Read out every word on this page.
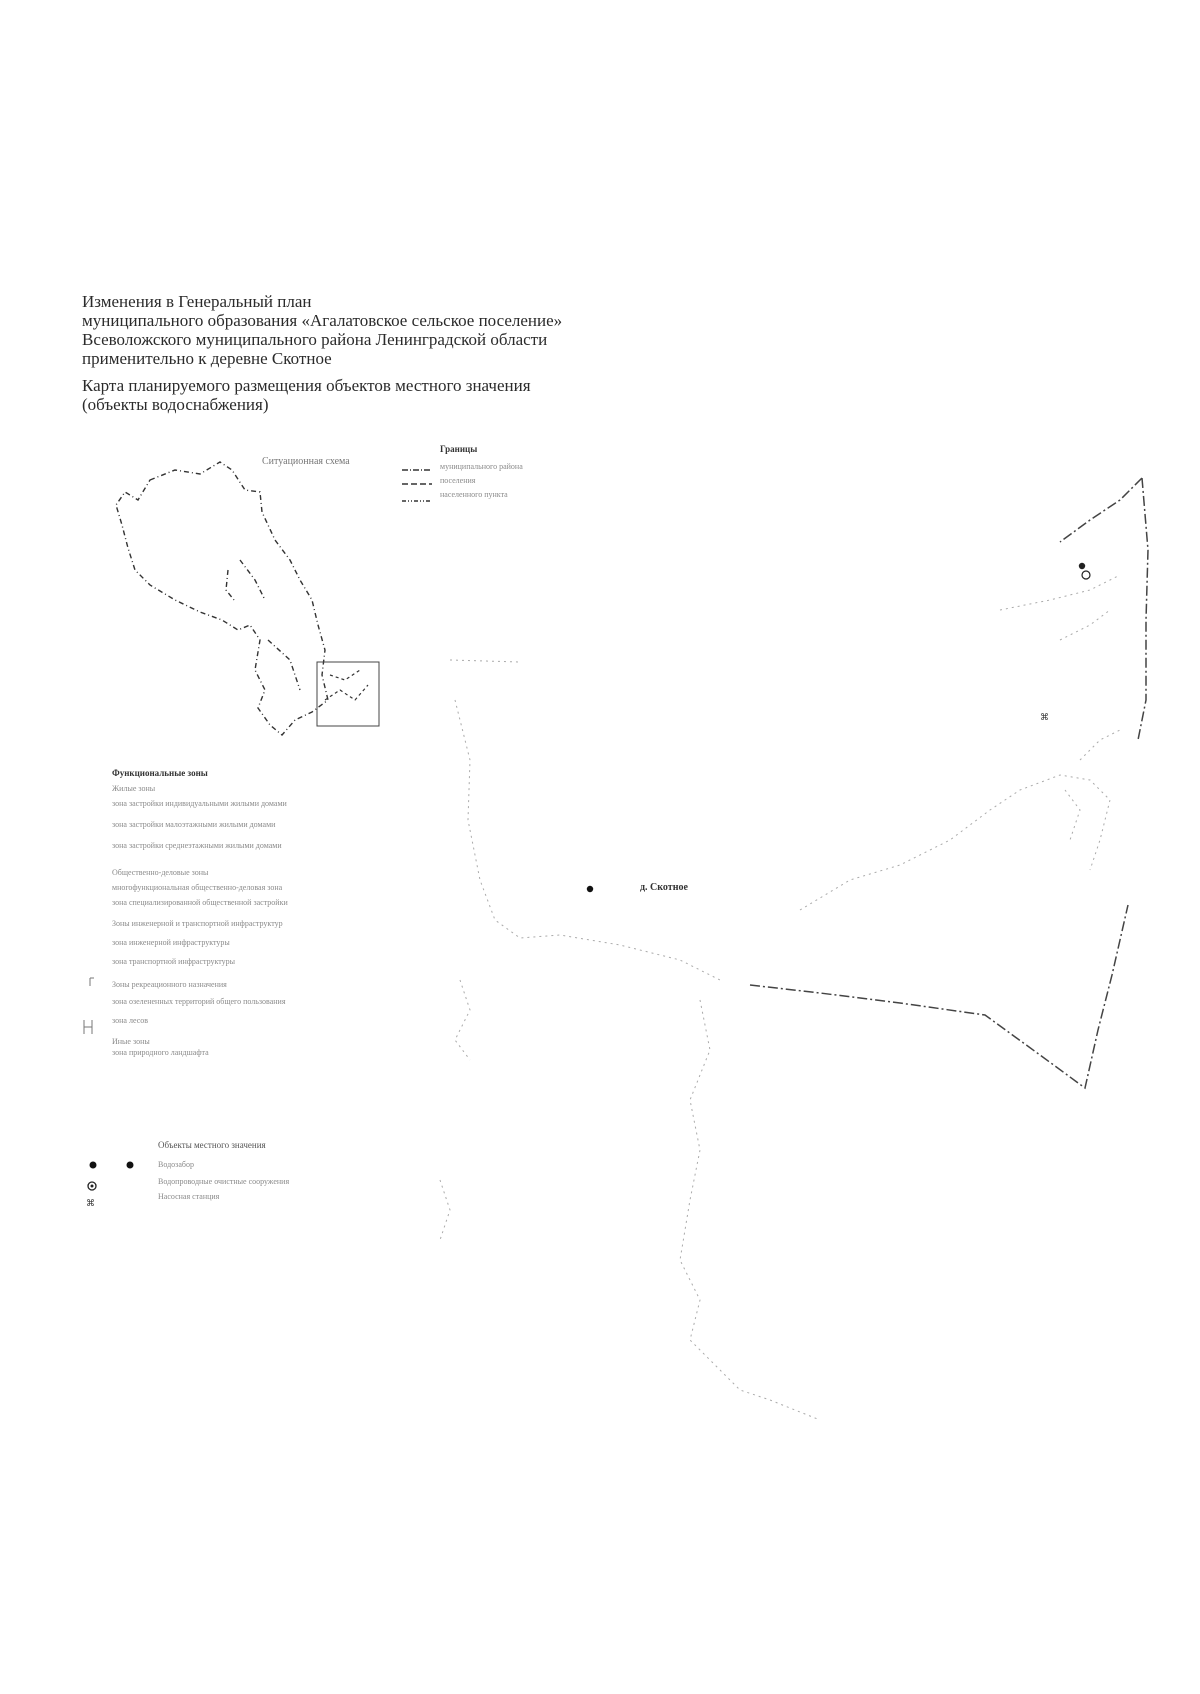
Изменения в Генеральный план
муниципального образования «Агалатовское сельское поселение»
Всеволожского муниципального района Ленинградской области
применительно к деревне Скотное
Карта планируемого размещения объектов местного значения
(объекты водоснабжения)
⌘
⌘
Ситуационная схема
Границы
муниципального района
поселения
населенного пункта
д. Скотное
Функциональные зоны
Жилые зоны
зона застройки индивидуальными жилыми домами
зона застройки малоэтажными жилыми домами
зона застройки среднеэтажными жилыми домами
Общественно-деловые зоны
многофункциональная общественно-деловая зона
зона специализированной общественной застройки
Зоны инженерной и транспортной инфраструктур
зона инженерной инфраструктуры
зона транспортной инфраструктуры
Зоны рекреационного назначения
зона озелененных территорий общего пользования
зона лесов
Иные зоны
зона природного ландшафта
Объекты местного значения
Водозабор
Водопроводные очистные сооружения
Насосная станция
